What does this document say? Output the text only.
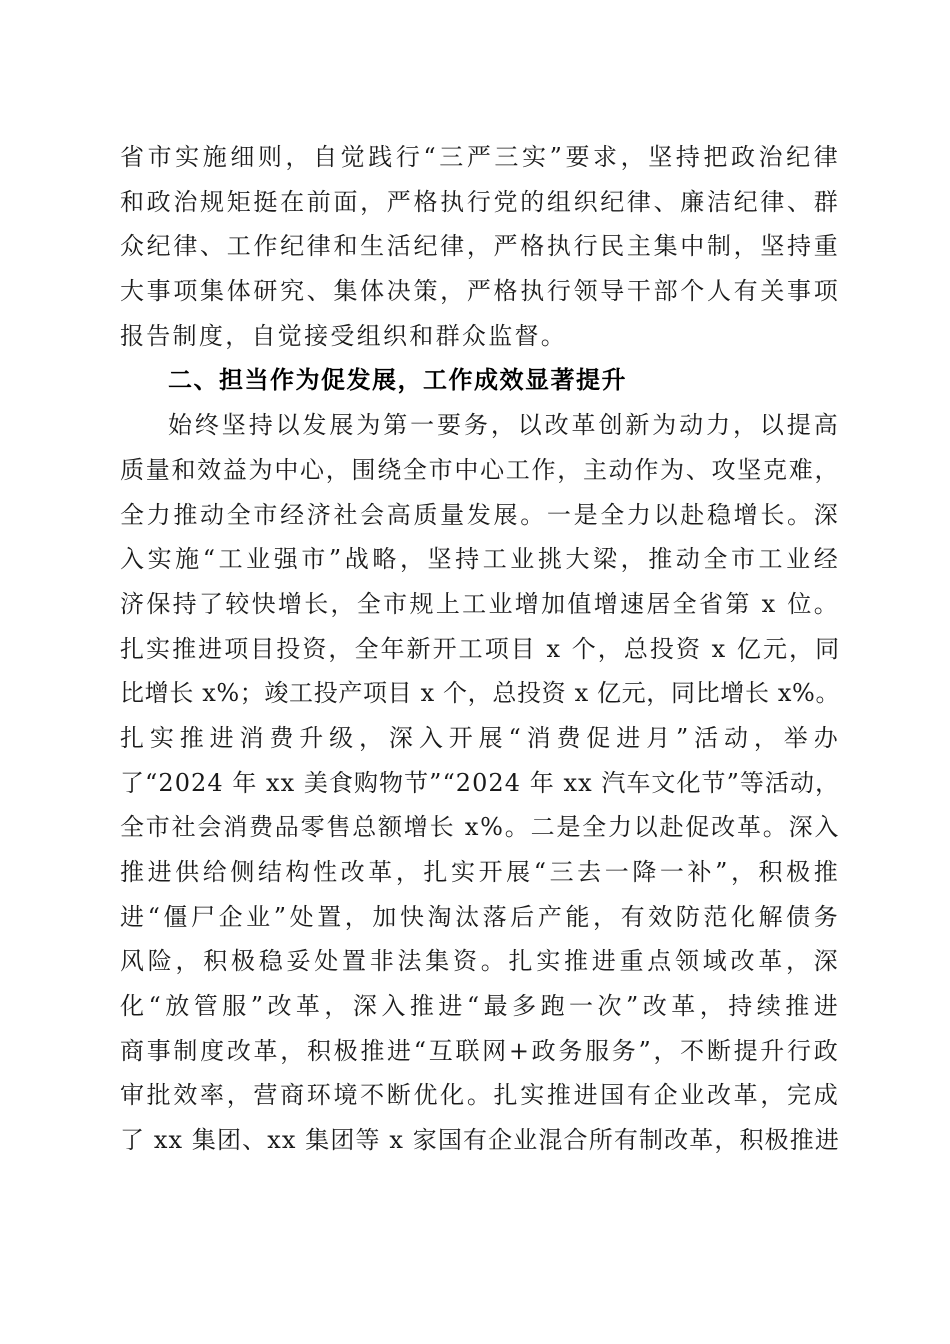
省市实施细则，自觉践行“三严三实”要求，坚持把政治纪律
和政治规矩挺在前面，严格执行党的组织纪律、廉洁纪律、群
众纪律、工作纪律和生活纪律，严格执行民主集中制，坚持重
大事项集体研究、集体决策，严格执行领导干部个人有关事项
报告制度，自觉接受组织和群众监督。
二、担当作为促发展，工作成效显著提升
始终坚持以发展为第一要务，以改革创新为动力，以提高
质量和效益为中心，围绕全市中心工作，主动作为、攻坚克难，
全力推动全市经济社会高质量发展。一是全力以赴稳增长。深
入实施“工业强市”战略，坚持工业挑大梁，推动全市工业经
济保持了较快增长，全市规上工业增加值增速居全省第 x 位。
扎实推进项目投资，全年新开工项目 x 个，总投资 x 亿元，同
比增长 x%；竣工投产项目 x 个，总投资 x 亿元，同比增长 x%。
扎实推进消费升级，深入开展“消费促进月”活动，举办
了“2024 年 xx 美食购物节”“2024 年 xx 汽车文化节”等活动，
全市社会消费品零售总额增长 x%。二是全力以赴促改革。深入
推进供给侧结构性改革，扎实开展“三去一降一补”，积极推
进“僵尸企业”处置，加快淘汰落后产能，有效防范化解债务
风险，积极稳妥处置非法集资。扎实推进重点领域改革，深
化“放管服”改革，深入推进“最多跑一次”改革，持续推进
商事制度改革，积极推进“互联网+政务服务”，不断提升行政
审批效率，营商环境不断优化。扎实推进国有企业改革，完成
了 xx 集团、xx 集团等 x 家国有企业混合所有制改革，积极推进
